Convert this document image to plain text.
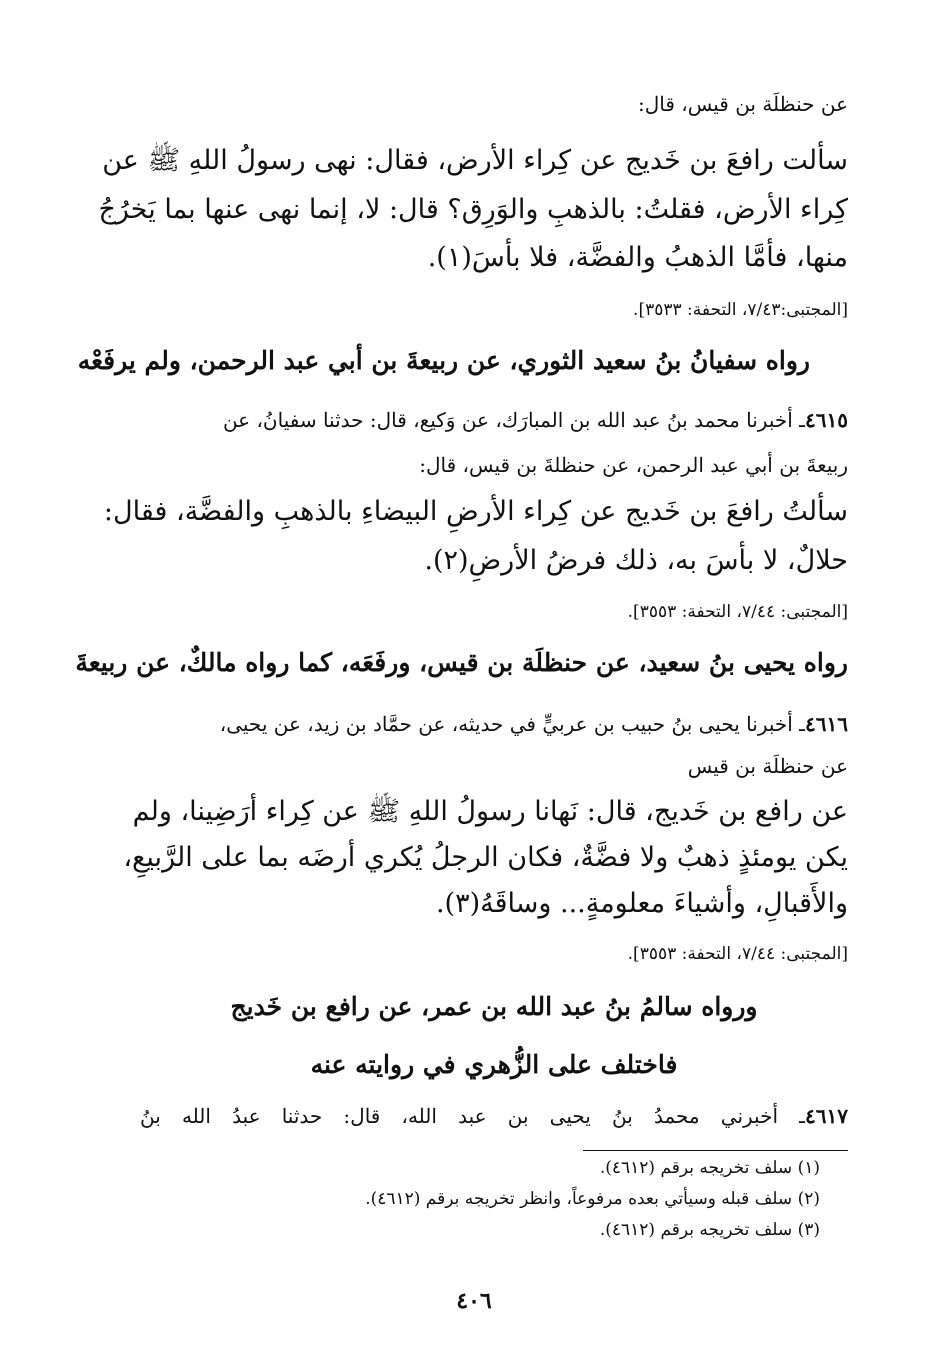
عن حنظلَة بن قيس، قال:
سألت رافعَ بن خَديج عن كِراء الأرض، فقال: نهى رسولُ اللهِ ﷺ عن
كِراء الأرض، فقلتُ: بالذهبِ والوَرِق؟ قال: لا، إنما نهى عنها بما يَخرُجُ
منها، فأمَّا الذهبُ والفضَّة، فلا بأسَ(١).
[المجتبى:٧/٤٣، التحفة: ٣٥٣٣].
رواه سفيانُ بنُ سعيد الثوري، عن ربيعةَ بن أبي عبد الرحمن، ولم يرفَعْه
٤٦١٥ـ أخبرنا محمد بنُ عبد الله بن المبارَك، عن وَكيع، قال: حدثنا سفيانُ، عن
ربيعةَ بن أبي عبد الرحمن، عن حنظلةَ بن قيس، قال:
سألتُ رافعَ بن خَديج عن كِراء الأرضِ البيضاءِ بالذهبِ والفضَّة، فقال:
حلالٌ، لا بأسَ به، ذلك فرضُ الأرضِ(٢).
[المجتبى: ٧/٤٤، التحفة: ٣٥٥٣].
رواه يحيى بنُ سعيد، عن حنظلَة بن قيس، ورفَعَه، كما رواه مالكٌ، عن ربيعةَ
٤٦١٦ـ أخبرنا يحيى بنُ حبيب بن عربيٍّ في حديثه، عن حمَّاد بن زيد، عن يحيى،
عن حنظلَة بن قيس
عن رافع بن خَديج، قال: نَهانا رسولُ اللهِ ﷺ عن كِراء أرَضِينا، ولم
يكن يومئذٍ ذهبٌ ولا فضَّةٌ، فكان الرجلُ يُكري أرضَه بما على الرَّبيعِ،
والأَقبالِ، وأشياءَ معلومةٍ... وساقَهُ(٣).
[المجتبى: ٧/٤٤، التحفة: ٣٥٥٣].
ورواه سالمُ بنُ عبد الله بن عمر، عن رافع بن خَديج
فاختلف على الزُّهري في روايته عنه
٤٦١٧ـ أخبرني محمدُ بنُ يحيى بن عبد الله، قال: حدثنا عبدُ الله بنُ
(١) سلف تخريجه برقم (٤٦١٢).
(٢) سلف قبله وسيأتي بعده مرفوعاً، وانظر تخريجه برقم (٤٦١٢).
(٣) سلف تخريجه برقم (٤٦١٢).
٤٠٦
